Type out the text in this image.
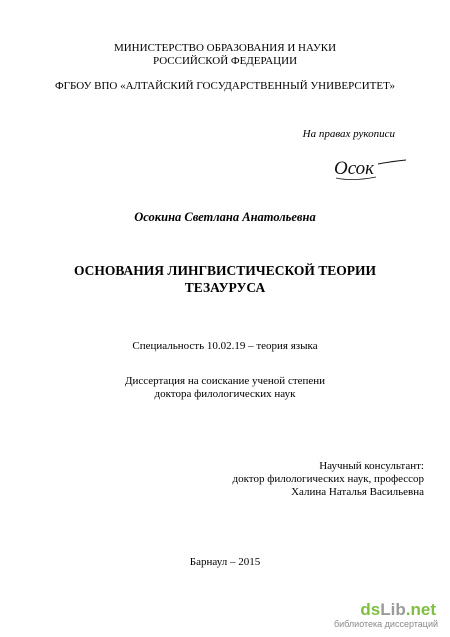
МИНИСТЕРСТВО ОБРАЗОВАНИЯ И НАУКИ
РОССИЙСКОЙ ФЕДЕРАЦИИ
ФГБОУ ВПО «АЛТАЙСКИЙ ГОСУДАРСТВЕННЫЙ УНИВЕРСИТЕТ»
На правах рукописи
Осок
Осокина Светлана Анатольевна
ОСНОВАНИЯ ЛИНГВИСТИЧЕСКОЙ ТЕОРИИ
ТЕЗАУРУСА
Специальность 10.02.19 – теория языка
Диссертация на соискание ученой степени
доктора филологических наук
Научный консультант:
доктор филологических наук, профессор
Халина Наталья Васильевна
Барнаул – 2015
dsLib.net
библиотека диссертаций
